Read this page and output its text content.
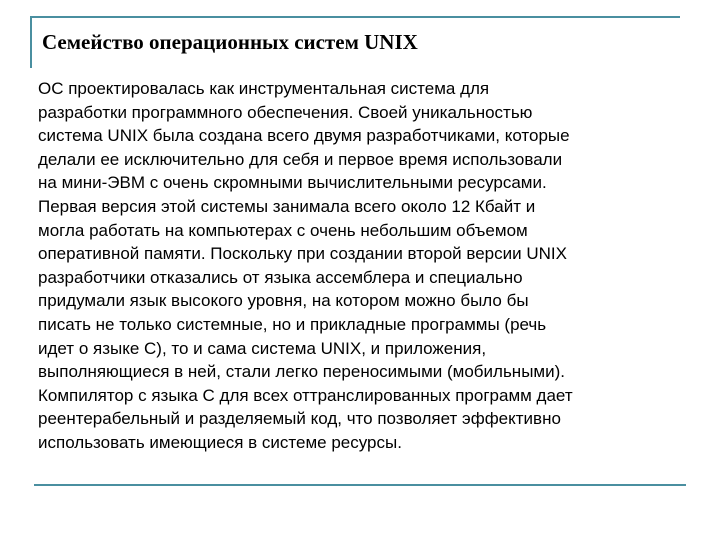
Семейство операционных систем UNIX
ОС проектировалась как инструментальная система для
разработки программного обеспечения. Своей уникальностью
система UNIX была создана всего двумя разработчиками, которые
делали ее исключительно для себя и первое время использовали
на мини-ЭВМ с очень скромными вычислительными ресурсами.
Первая версия этой системы занимала всего около 12 Кбайт и
могла работать на компьютерах с очень небольшим объемом
оперативной памяти. Поскольку при создании второй версии UNIX
разработчики отказались от языка ассемблера и специально
придумали язык высокого уровня, на котором можно было бы
писать не только системные, но и прикладные программы (речь
идет о языке С), то и сама система UNIX, и приложения,
выполняющиеся в ней, стали легко переносимыми (мобильными).
Компилятор с языка С для всех оттранслированных программ дает
реентерабельный и разделяемый код, что позволяет эффективно
использовать имеющиеся в системе ресурсы.
